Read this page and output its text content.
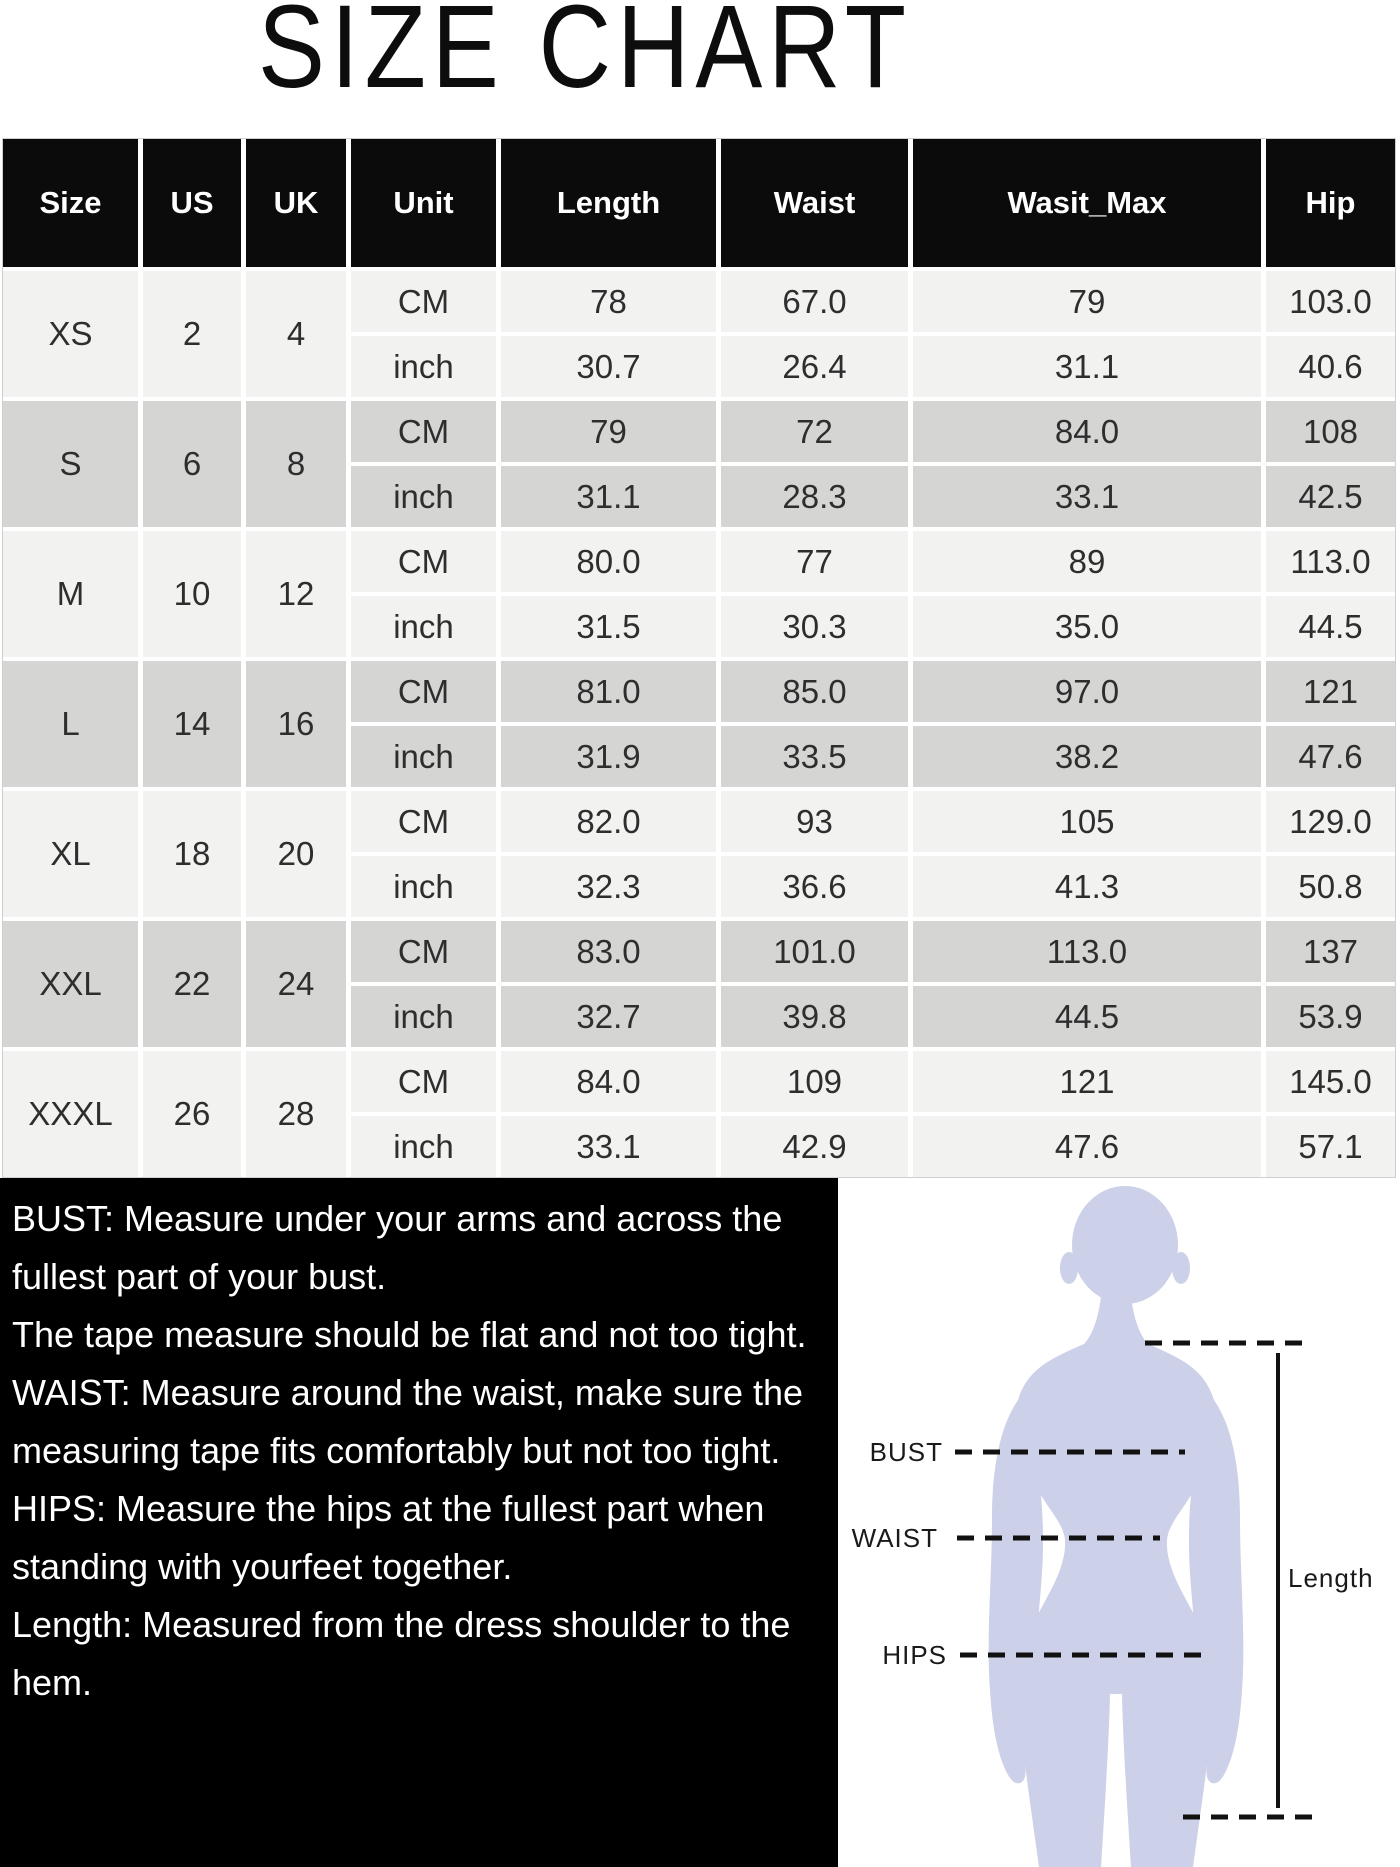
SIZE CHART
Size	US	UK	Unit	Length	Waist	Wasit_Max	Hip
XS	2	4
CM	78	67.0	79	103.0
inch	30.7	26.4	31.1	40.6
S	6	8
CM	79	72	84.0	108
inch	31.1	28.3	33.1	42.5
M	10	12
CM	80.0	77	89	113.0
inch	31.5	30.3	35.0	44.5
L	14	16
CM	81.0	85.0	97.0	121
inch	31.9	33.5	38.2	47.6
XL	18	20
CM	82.0	93	105	129.0
inch	32.3	36.6	41.3	50.8
XXL	22	24
CM	83.0	101.0	113.0	137
inch	32.7	39.8	44.5	53.9
XXXL	26	28
CM	84.0	109	121	145.0
inch	33.1	42.9	47.6	57.1

BUST: Measure under your arms and across the fullest part of your bust.

The tape measure should be flat and not too tight.

WAIST: Measure around the waist, make sure the measuring tape fits comfortably but not too tight.

HIPS: Measure the hips at the fullest part when standing with yourfeet together.

Length: Measured from the dress shoulder to the hem.

BUST
WAIST
HIPS
Length
